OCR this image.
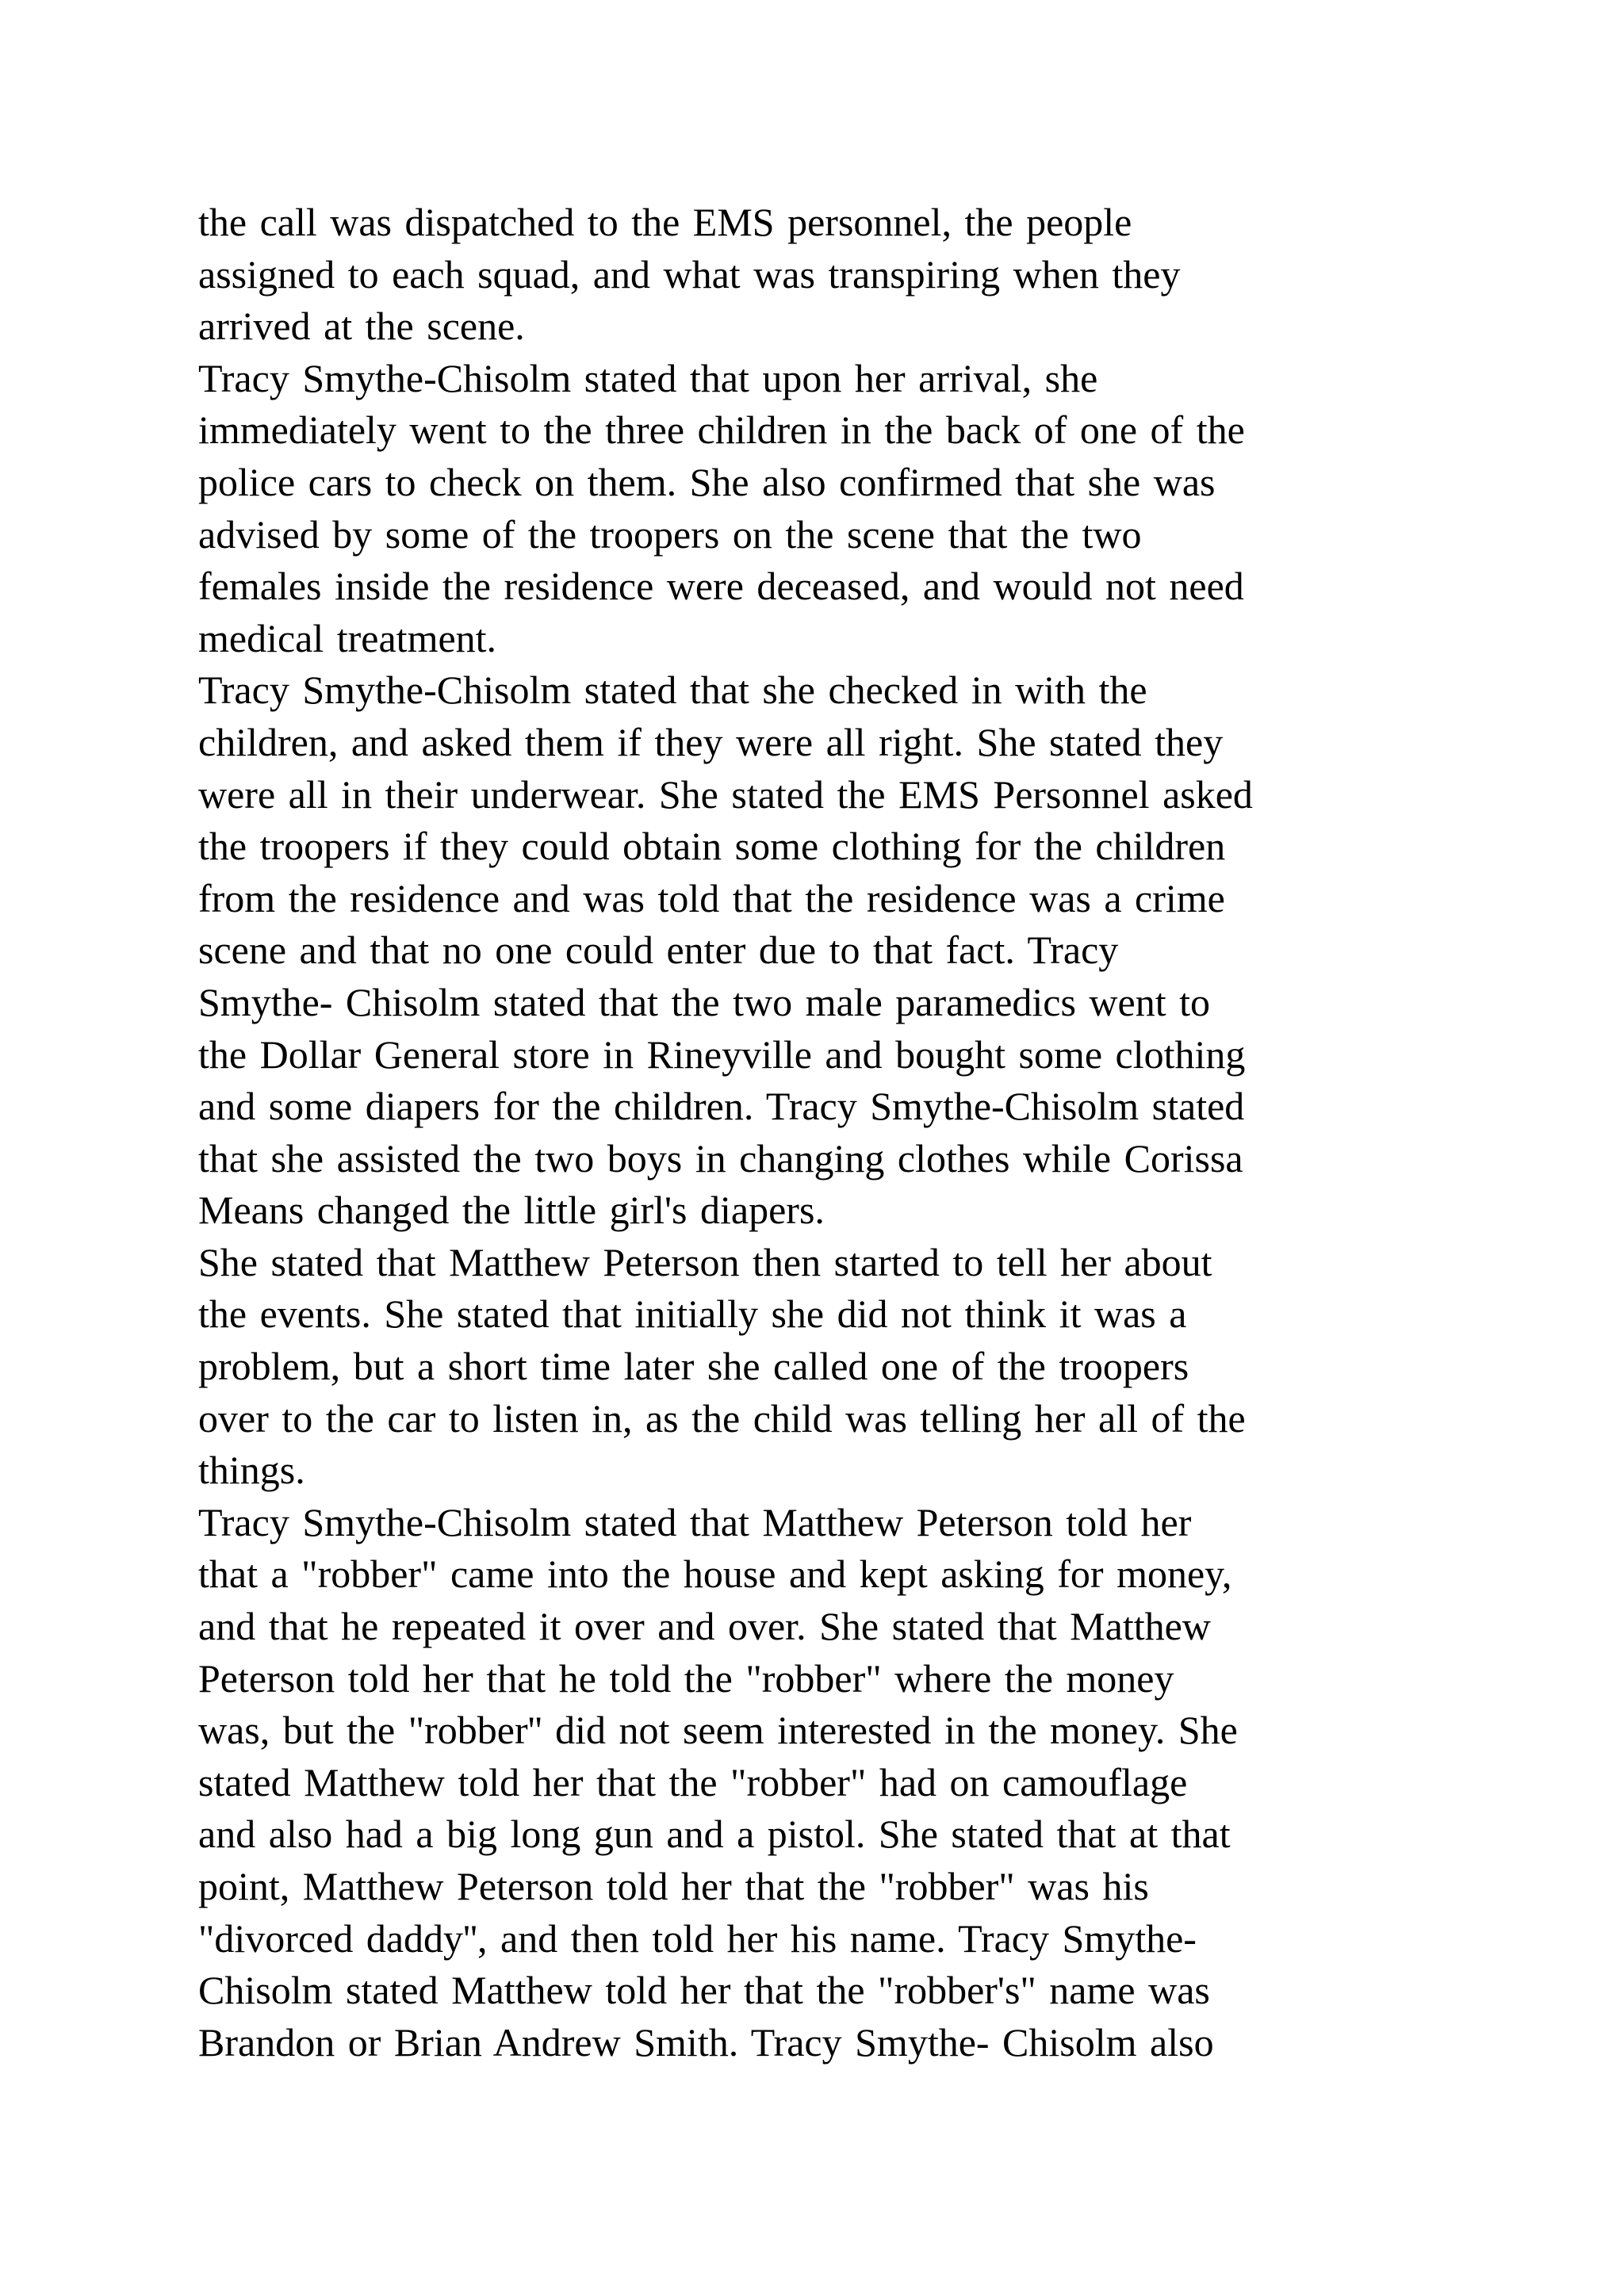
the call was dispatched to the EMS personnel, the people
assigned to each squad, and what was transpiring when they
arrived at the scene.
Tracy Smythe-Chisolm stated that upon her arrival, she
immediately went to the three children in the back of one of the
police cars to check on them. She also confirmed that she was
advised by some of the troopers on the scene that the two
females inside the residence were deceased, and would not need
medical treatment.
Tracy Smythe-Chisolm stated that she checked in with the
children, and asked them if they were all right. She stated they
were all in their underwear. She stated the EMS Personnel asked
the troopers if they could obtain some clothing for the children
from the residence and was told that the residence was a crime
scene and that no one could enter due to that fact. Tracy
Smythe- Chisolm stated that the two male paramedics went to
the Dollar General store in Rineyville and bought some clothing
and some diapers for the children. Tracy Smythe-Chisolm stated
that she assisted the two boys in changing clothes while Corissa
Means changed the little girl's diapers.
She stated that Matthew Peterson then started to tell her about
the events. She stated that initially she did not think it was a
problem, but a short time later she called one of the troopers
over to the car to listen in, as the child was telling her all of the
things.
Tracy Smythe-Chisolm stated that Matthew Peterson told her
that a "robber" came into the house and kept asking for money,
and that he repeated it over and over. She stated that Matthew
Peterson told her that he told the "robber" where the money
was, but the "robber'' did not seem interested in the money. She
stated Matthew told her that the "robber" had on camouflage
and also had a big long gun and a pistol. She stated that at that
point, Matthew Peterson told her that the "robber" was his
"divorced daddy'', and then told her his name. Tracy Smythe-
Chisolm stated Matthew told her that the "robber's" name was
Brandon or Brian Andrew Smith. Tracy Smythe- Chisolm also
